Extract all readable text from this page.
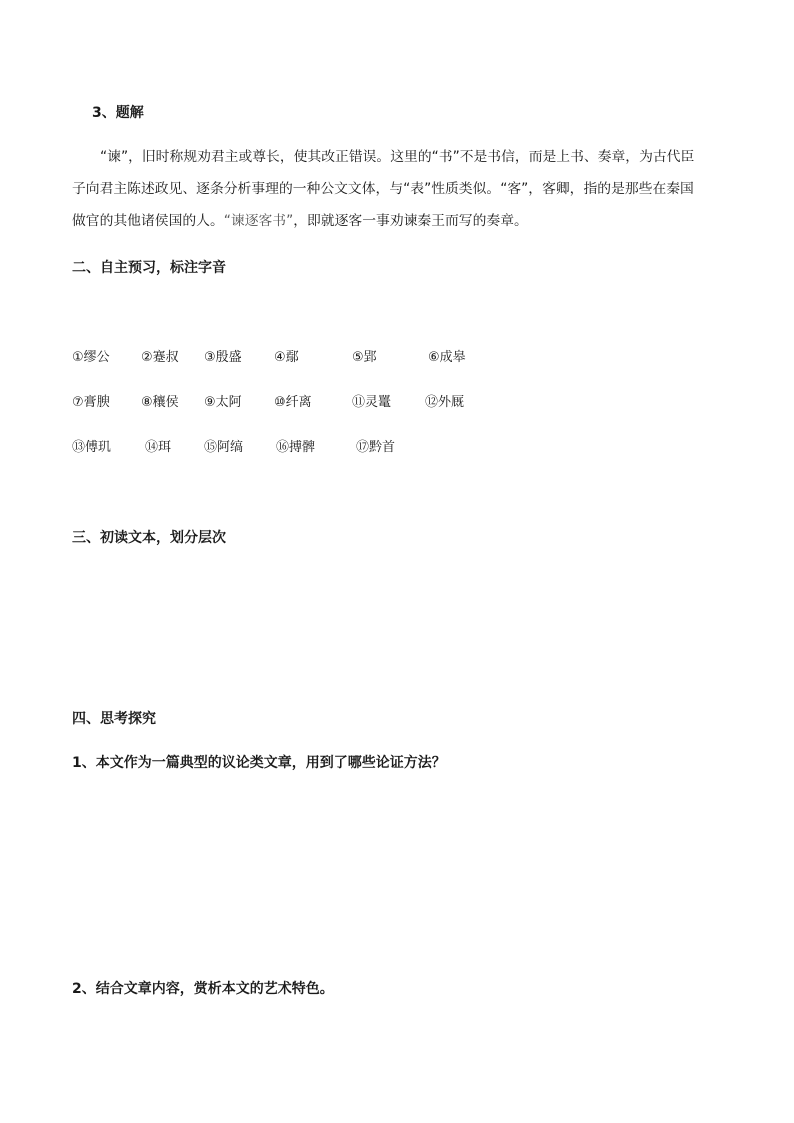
3、题解
“谏”，旧时称规劝君主或尊长，使其改正错误。这里的“书”不是书信，而是上书、奏章，为古代臣
子向君主陈述政见、逐条分析事理的一种公文文体，与“表”性质类似。“客”，客卿，指的是那些在秦国
做官的其他诸侯国的人。“谏逐客书”，即就逐客一事劝谏秦王而写的奏章。
二、自主预习，标注字音
①缪公 ②蹇叔 ③殷盛 ④鄢	⑤郢	⑥成皋
⑦膏腴 ⑧穰侯 ⑨太阿 ⑩纤离	⑪灵鼍	⑫外厩
⑬傅玑	⑭珥	⑮阿缟	⑯搏髀	⑰黔首
三、初读文本，划分层次
四、思考探究
1、本文作为一篇典型的议论类文章，用到了哪些论证方法？
2、结合文章内容，赏析本文的艺术特色。
